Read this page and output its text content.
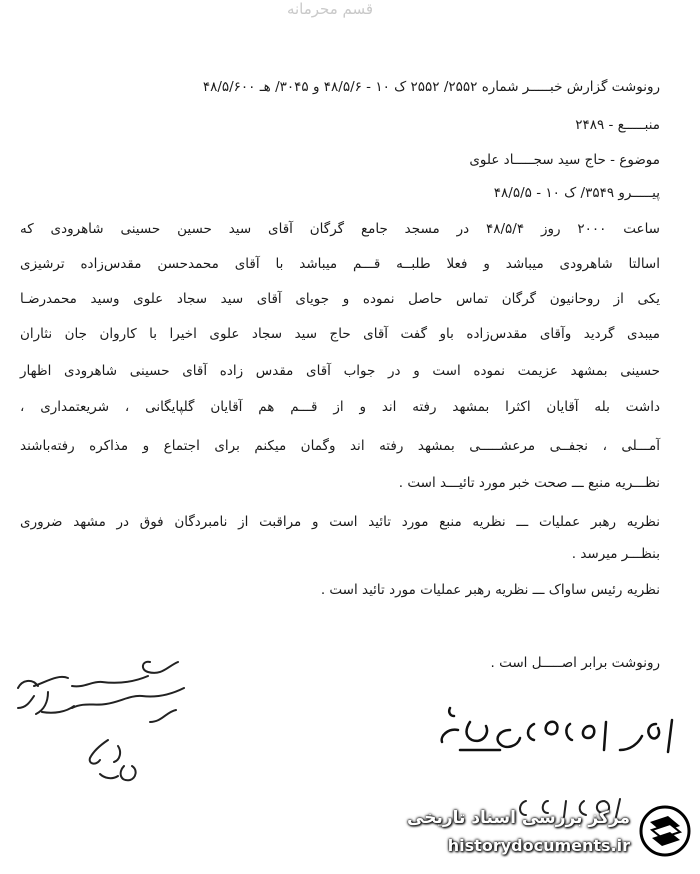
ﻗﺴﻢ ﻣﺤﺮﻣﺎﻧﻪ
رونوشت گزارش خبـــــر شماره ۲۵۵۲/ ۲۵۵۲ ک ۱۰ - ۴۸/۵/۶ و ۳۰۴۵/ هـ ۴۸/۵/۶۰۰
منبـــــع - ۲۴۸۹
موضوع - حاج سید سجـــــاد علوی
پیـــــرو ۳۵۴۹/ ک ۱۰ - ۴۸/۵/۵
ساعت ۲۰۰۰ روز ۴۸/۵/۴ در مسجد جامع گرگان آقای سید حسین حسینی شاهرودی که
اسالتا شاهرودی میباشد و فعلا طلبــه قـــم میباشد با آقای محمدحسن مقدس‌زاده ترشیزی
یکی از روحانیون گرگان تماس حاصل نموده و جویای آقای سید سجاد علوی وسید محمدرضـا
میبدی گردید وآقای مقدس‌زاده باو گفت آقای حاج سید سجاد علوی اخیرا با کاروان جان نثاران
حسینی بمشهد عزیمت نموده است و در جواب آقای مقدس زاده آقای حسینی شاهرودی اظهار
داشت بله آقایان اکثرا بمشهد رفته اند و از قـــم هم آقایان گلپایگانی ، شریعتمداری ،
آمـــلی ، نجفــی مرعشـــــی بمشهد رفته اند وگمان میکنم برای اجتماع و مذاکره رفته‌باشند
نظـــریه منبع ـــ صحت خبر مورد تائیـــد است .
نظریه رهبر عملیات ـــ نظریه منبع مورد تائید است و مراقبت از نامبردگان فوق در مشهد ضروری
بنظـــر میرسد .
نظریه رئیس ساواک ـــ نظریه رهبر عملیات مورد تائید است .
رونوشت برابر اصـــــل است .
مرکز بررسی اسناد تاریخی
historydocuments.ir
